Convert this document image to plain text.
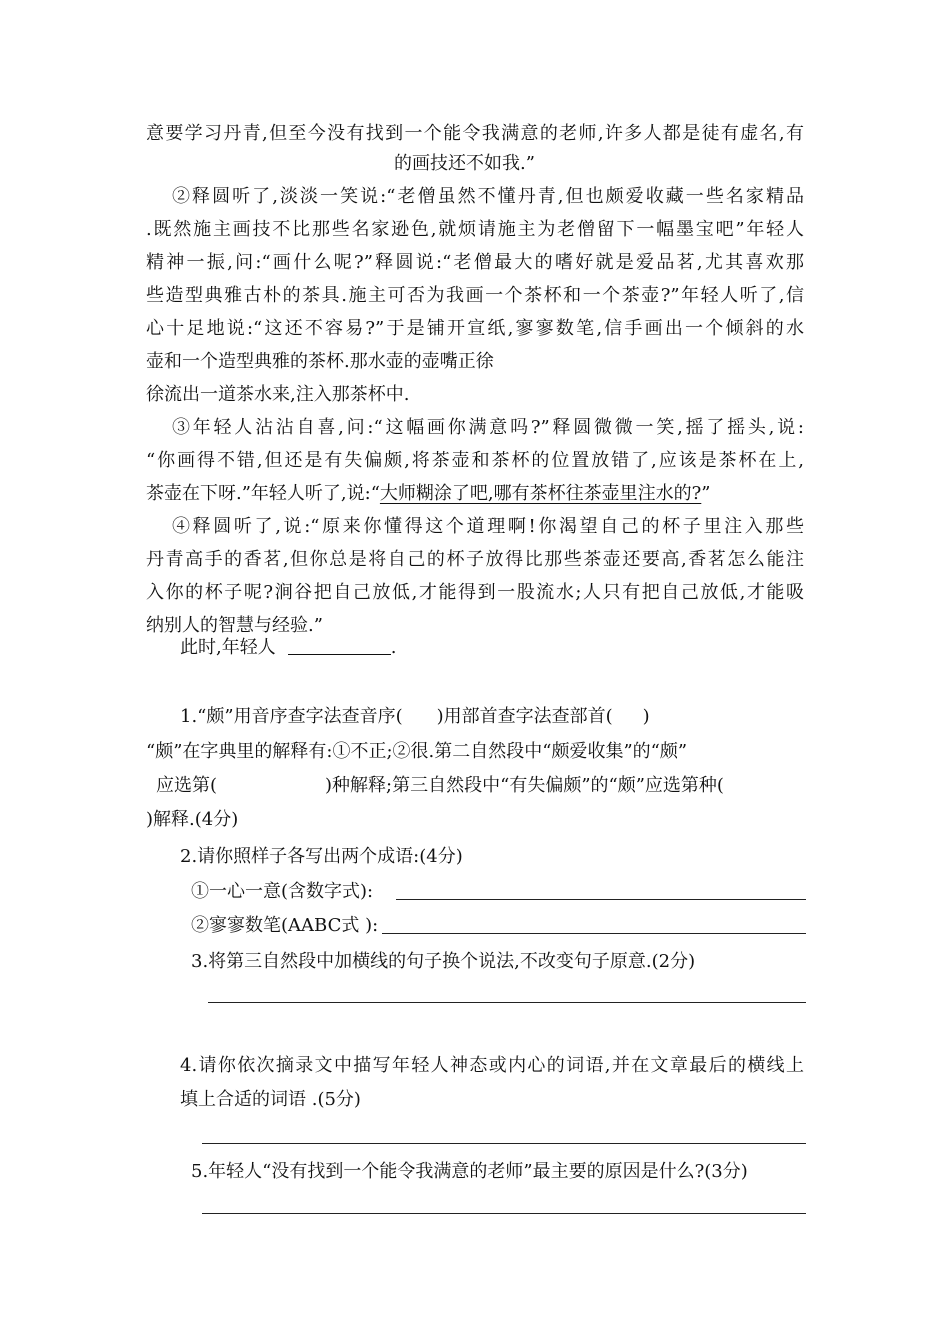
意要学习丹青,但至今没有找到一个能令我满意的老师,许多人都是徒有虚名,有
的画技还不如我.”
②释圆听了,淡淡一笑说:“老僧虽然不懂丹青,但也颇爱收藏一些名家精品
.既然施主画技不比那些名家逊色,就烦请施主为老僧留下一幅墨宝吧”年轻人
精神一振,问:“画什么呢?”释圆说:“老僧最大的嗜好就是爱品茗,尤其喜欢那
些造型典雅古朴的茶具.施主可否为我画一个茶杯和一个茶壶?”年轻人听了,信
心十足地说:“这还不容易?”于是铺开宣纸,寥寥数笔,信手画出一个倾斜的水
壶和一个造型典雅的茶杯.那水壶的壶嘴正徐
徐流出一道茶水来,注入那茶杯中.
③年轻人沾沾自喜,问:“这幅画你满意吗?”释圆微微一笑,摇了摇头,说:
“你画得不错,但还是有失偏颇,将茶壶和茶杯的位置放错了,应该是茶杯在上,
茶壶在下呀.”年轻人听了,说:“大师糊涂了吧,哪有茶杯往茶壶里注水的?”
④释圆听了,说:“原来你懂得这个道理啊!你渴望自己的杯子里注入那些
丹青高手的香茗,但你总是将自己的杯子放得比那些茶壶还要高,香茗怎么能注
入你的杯子呢?涧谷把自己放低,才能得到一股流水;人只有把自己放低,才能吸
纳别人的智慧与经验.”
此时,年轻人	.
1.“颇”用音序查字法查音序( )用部首查字法查部首( )
“颇”在字典里的解释有:①不正;②很.第二自然段中“颇爱收集”的“颇”
应选第(	)种解释;第三自然段中“有失偏颇”的“颇”应选第种(
)解释.(4分)
2.请你照样子各写出两个成语:(4分)
①一心一意(含数字式):
②寥寥数笔(AABC式 ):
3.将第三自然段中加横线的句子换个说法,不改变句子原意.(2分)
4.请你依次摘录文中描写年轻人神态或内心的词语,并在文章最后的横线上
填上合适的词语 .(5分)
5.年轻人“没有找到一个能令我满意的老师”最主要的原因是什么?(3分)
